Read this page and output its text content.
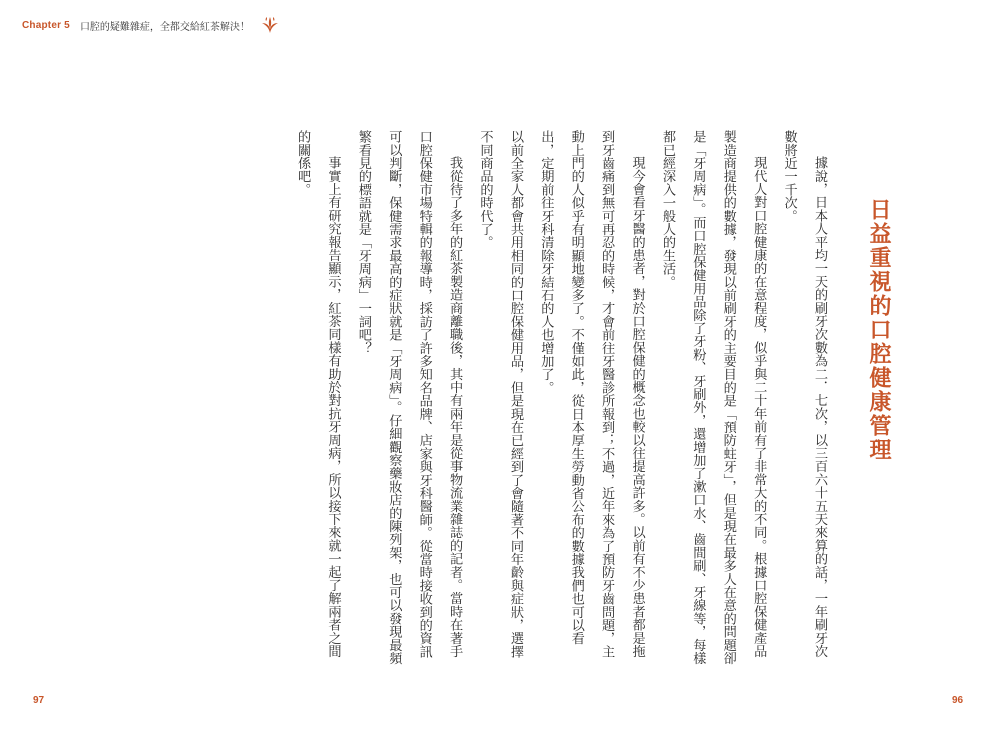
Chapter 5 口腔的疑難雜症，全都交給紅茶解決！
日益重視的口腔健康管理

據說，日本人平均一天的刷牙次數為二．七次，以三百六十五天來算的話，一年刷牙次數將近一千次。

現代人對口腔健康的在意程度，似乎與二十年前有了非常大的不同。根據口腔保健產品製造商提供的數據，發現以前刷牙的主要目的是「預防蛀牙」，但是現在最多人在意的問題卻是「牙周病」。而口腔保健用品除了牙粉、牙刷外，還增加了漱口水、齒間刷、牙線等，每樣都已經深入一般人的生活。

現今會看牙醫的患者，對於口腔保健的概念也較以往提高許多。以前有不少患者都是拖到牙齒痛到無可再忍的時候，才會前往牙醫診所報到；不過，近年來為了預防牙齒問題，主動上門的人似乎有明顯地變多了。不僅如此，從日本厚生勞動省公布的數據我們也可以看出，定期前往牙科清除牙結石的人也增加了。

以前全家人都會共用相同的口腔保健用品，但是現在已經到了會隨著不同年齡與症狀，選擇不同商品的時代了。

我從待了多年的紅茶製造商離職後，其中有兩年是從事物流業雜誌的記者。當時在著手口腔保健市場特輯的報導時，採訪了許多知名品牌、店家與牙科醫師。從當時接收到的資訊可以判斷，保健需求最高的症狀就是「牙周病」。仔細觀察藥妝店的陳列架，也可以發現最頻繁看見的標語就是「牙周病」一詞吧？

事實上有研究報告顯示，紅茶同樣有助於對抗牙周病，所以接下來就一起了解兩者之間的關係吧。

97	96
